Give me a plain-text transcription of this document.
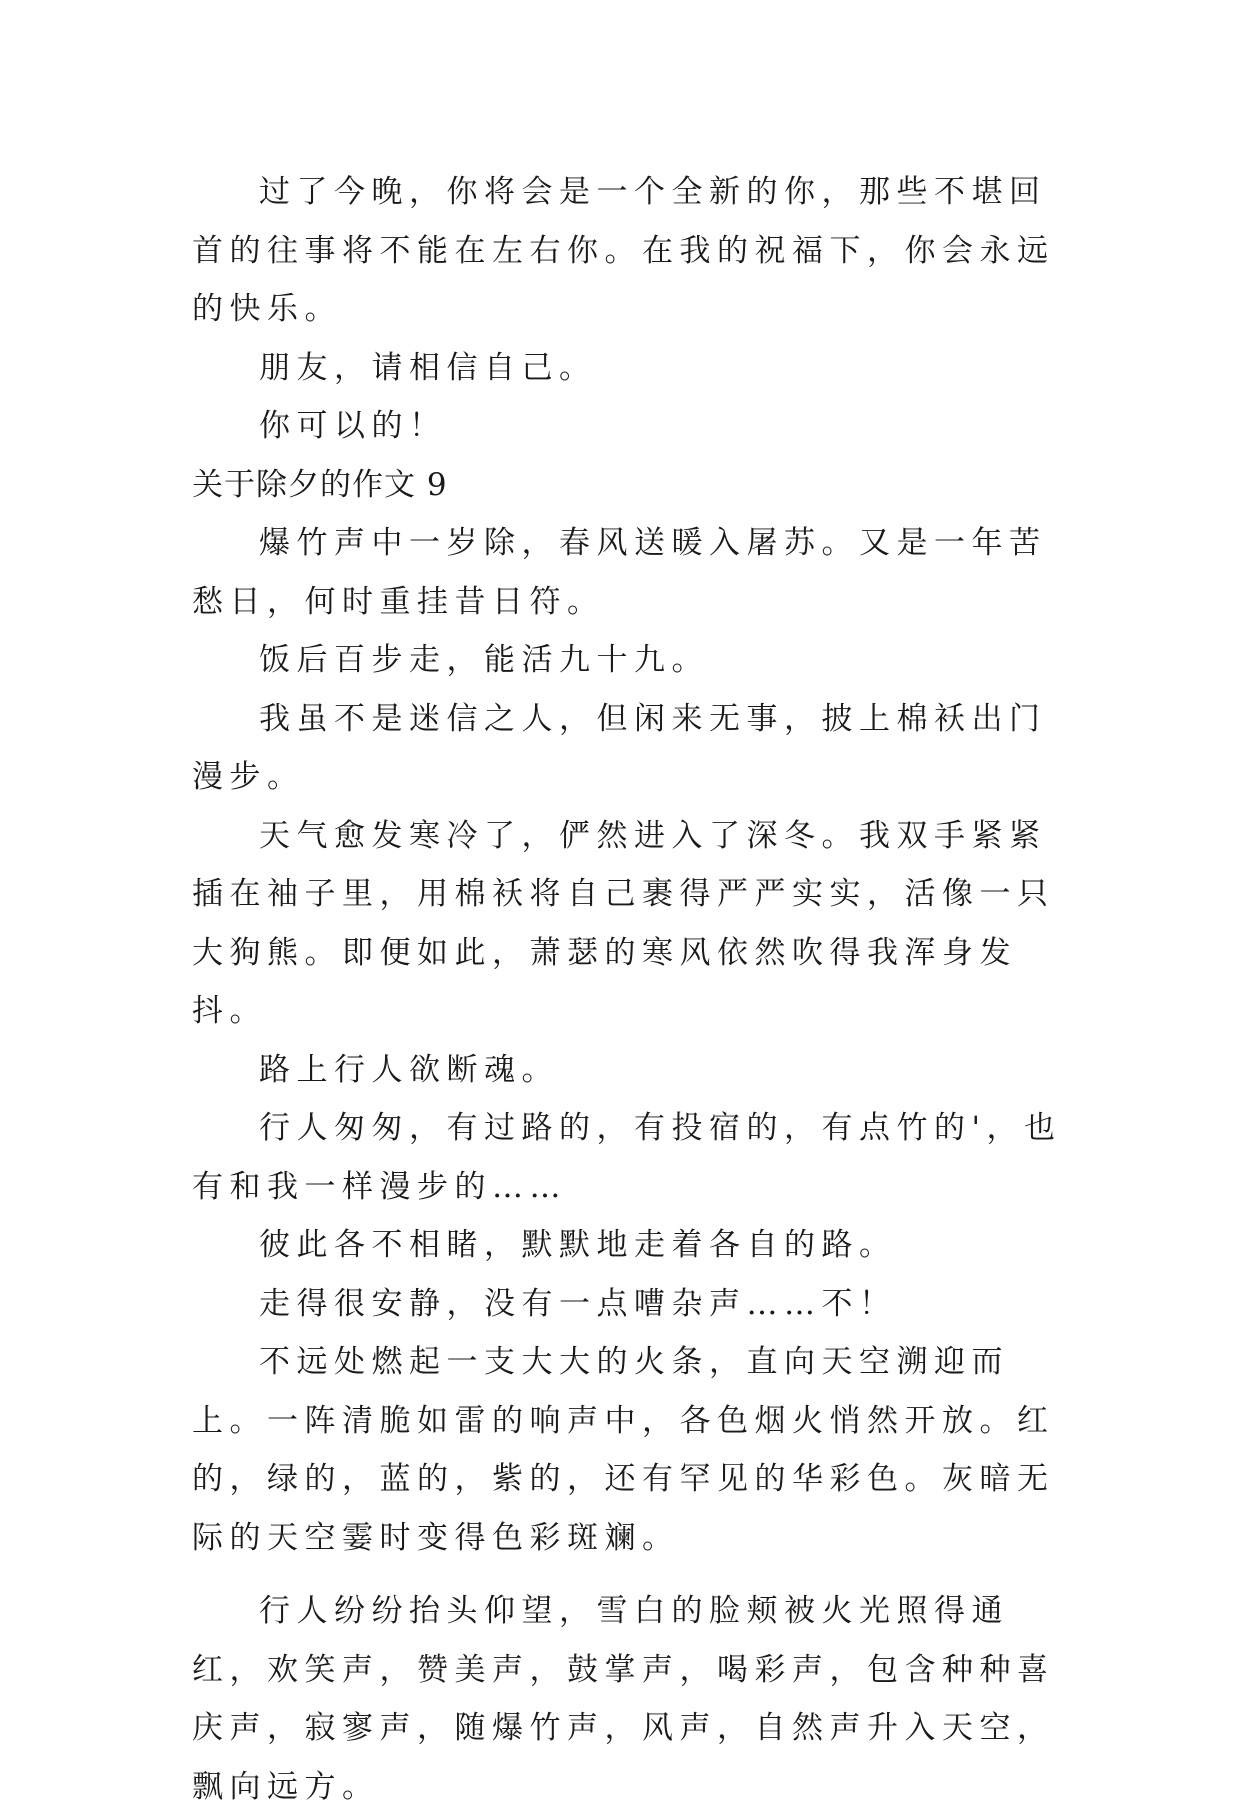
过了今晚，你将会是一个全新的你，那些不堪回首的往事将不能在左右你。在我的祝福下，你会永远的快乐。

朋友，请相信自己。

你可以的！

关于除夕的作文 9

爆竹声中一岁除，春风送暖入屠苏。又是一年苦愁日，何时重挂昔日符。

饭后百步走，能活九十九。

我虽不是迷信之人，但闲来无事，披上棉袄出门漫步。

天气愈发寒冷了，俨然进入了深冬。我双手紧紧插在袖子里，用棉袄将自己裹得严严实实，活像一只大狗熊。即便如此，萧瑟的寒风依然吹得我浑身发抖。

路上行人欲断魂。

行人匆匆，有过路的，有投宿的，有点竹的'，也有和我一样漫步的……

彼此各不相睹，默默地走着各自的路。

走得很安静，没有一点嘈杂声……不！

不远处燃起一支大大的火条，直向天空溯迎而上。一阵清脆如雷的响声中，各色烟火悄然开放。红的，绿的，蓝的，紫的，还有罕见的华彩色。灰暗无际的天空霎时变得色彩斑斓。

行人纷纷抬头仰望，雪白的脸颊被火光照得通红，欢笑声，赞美声，鼓掌声，喝彩声，包含种种喜庆声，寂寥声，随爆竹声，风声，自然声升入天空，飘向远方。
